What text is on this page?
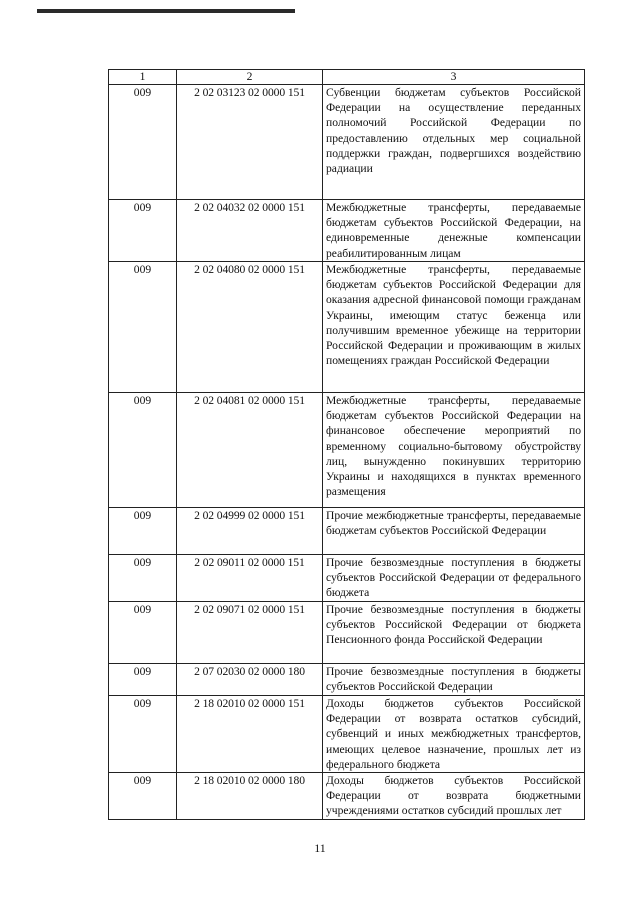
1	2	3
009	2 02 03123 02 0000 151	Субвенции бюджетам субъектов Российской Федерации на осуществление переданных полномочий Российской Федерации по предоставлению отдельных мер социальной поддержки граждан, подвергшихся воздействию радиации
009	2 02 04032 02 0000 151	Межбюджетные трансферты, передаваемые бюджетам субъектов Российской Федерации, на единовременные денежные компенсации реабилитированным лицам
009	2 02 04080 02 0000 151	Межбюджетные трансферты, передаваемые бюджетам субъектов Российской Федерации для оказания адресной финансовой помощи гражданам Украины, имеющим статус беженца или получившим временное убежище на территории Российской Федерации и проживающим в жилых помещениях граждан Российской Федерации
009	2 02 04081 02 0000 151	Межбюджетные трансферты, передаваемые бюджетам субъектов Российской Федерации на финансовое обеспечение мероприятий по временному социально-бытовому обустройству лиц, вынужденно покинувших территорию Украины и находящихся в пунктах временного размещения
009	2 02 04999 02 0000 151	Прочие межбюджетные трансферты, передаваемые бюджетам субъектов Российской Федерации
009	2 02 09011 02 0000 151	Прочие безвозмездные поступления в бюджеты субъектов Российской Федерации от федерального бюджета
009	2 02 09071 02 0000 151	Прочие безвозмездные поступления в бюджеты субъектов Российской Федерации от бюджета Пенсионного фонда Российской Федерации
009	2 07 02030 02 0000 180	Прочие безвозмездные поступления в бюджеты субъектов Российской Федерации
009	2 18 02010 02 0000 151	Доходы бюджетов субъектов Российской Федерации от возврата остатков субсидий, субвенций и иных межбюджетных трансфертов, имеющих целевое назначение, прошлых лет из федерального бюджета
009	2 18 02010 02 0000 180	Доходы бюджетов субъектов Российской Федерации от возврата бюджетными учреждениями остатков субсидий прошлых лет
11
